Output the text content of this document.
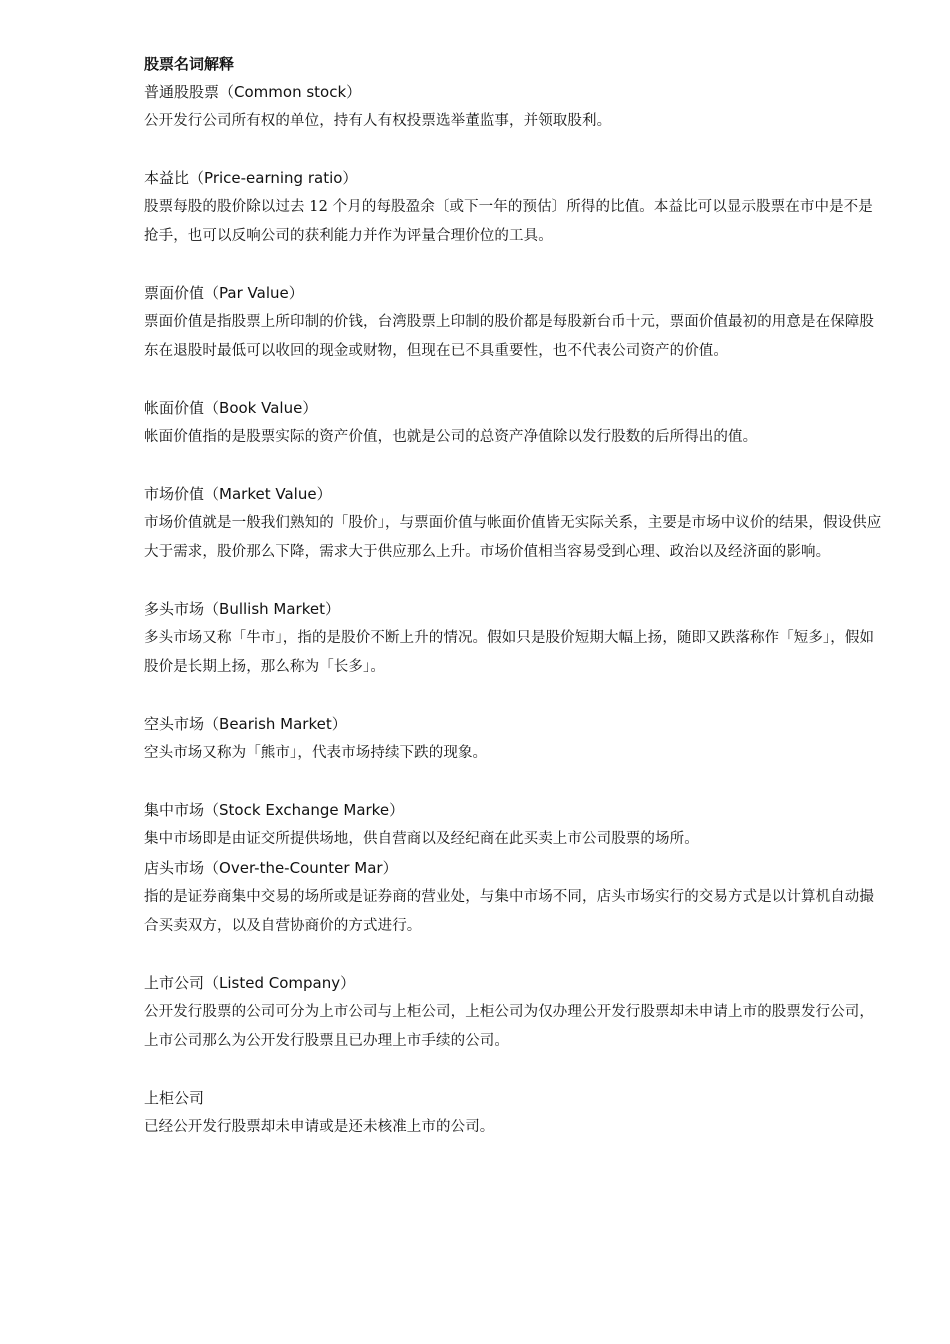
股票名词解释

普通股股票（Common stock）

公开发行公司所有权的单位，持有人有权投票选举董监事，并领取股利。

本益比（Price-earning ratio）

股票每股的股价除以过去 12 个月的每股盈余〔或下一年的预估〕所得的比值。本益比可以显示股票在市中是不是抢手，也可以反响公司的获利能力并作为评量合理价位的工具。

票面价值（Par Value）

票面价值是指股票上所印制的价钱，台湾股票上印制的股价都是每股新台币十元，票面价值最初的用意是在保障股东在退股时最低可以收回的现金或财物，但现在已不具重要性，也不代表公司资产的价值。

帐面价值（Book Value）

帐面价值指的是股票实际的资产价值，也就是公司的总资产净值除以发行股数的后所得出的值。

市场价值（Market Value）

市场价值就是一般我们熟知的「股价」，与票面价值与帐面价值皆无实际关系，主要是市场中议价的结果，假设供应大于需求，股价那么下降，需求大于供应那么上升。市场价值相当容易受到心理、政治以及经济面的影响。

多头市场（Bullish Market）

多头市场又称「牛市」，指的是股价不断上升的情况。假如只是股价短期大幅上扬，随即又跌落称作「短多」，假如股价是长期上扬，那么称为「长多」。

空头市场（Bearish Market）

空头市场又称为「熊市」，代表市场持续下跌的现象。

集中市场（Stock Exchange Marke）

集中市场即是由证交所提供场地，供自营商以及经纪商在此买卖上市公司股票的场所。

店头市场（Over-the-Counter Mar）

指的是证券商集中交易的场所或是证券商的营业处，与集中市场不同，店头市场实行的交易方式是以计算机自动撮合买卖双方，以及自营协商价的方式进行。

上市公司（Listed Company）

公开发行股票的公司可分为上市公司与上柜公司，上柜公司为仅办理公开发行股票却未申请上市的股票发行公司，上市公司那么为公开发行股票且已办理上市手续的公司。

上柜公司

已经公开发行股票却未申请或是还未核准上市的公司。
